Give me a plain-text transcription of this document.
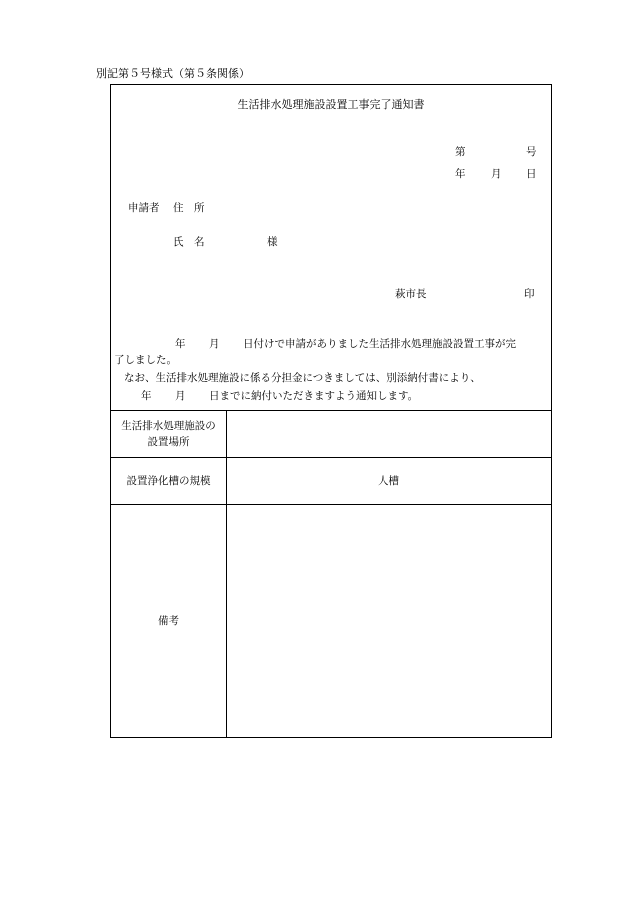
別記第５号様式（第５条関係）
生活排水処理施設設置工事完了通知書
第	号
年 月 日
申請者 住　所
氏　名	様
萩市長	印
年 月 日付けで申請がありました生活排水処理施設設置工事が完
了しました。
なお、生活排水処理施設に係る分担金につきましては、別添納付書により、
年 月 日までに納付いただきますよう通知します。
生活排水処理施設の
設置場所
設置浄化槽の規模	人槽
備考
